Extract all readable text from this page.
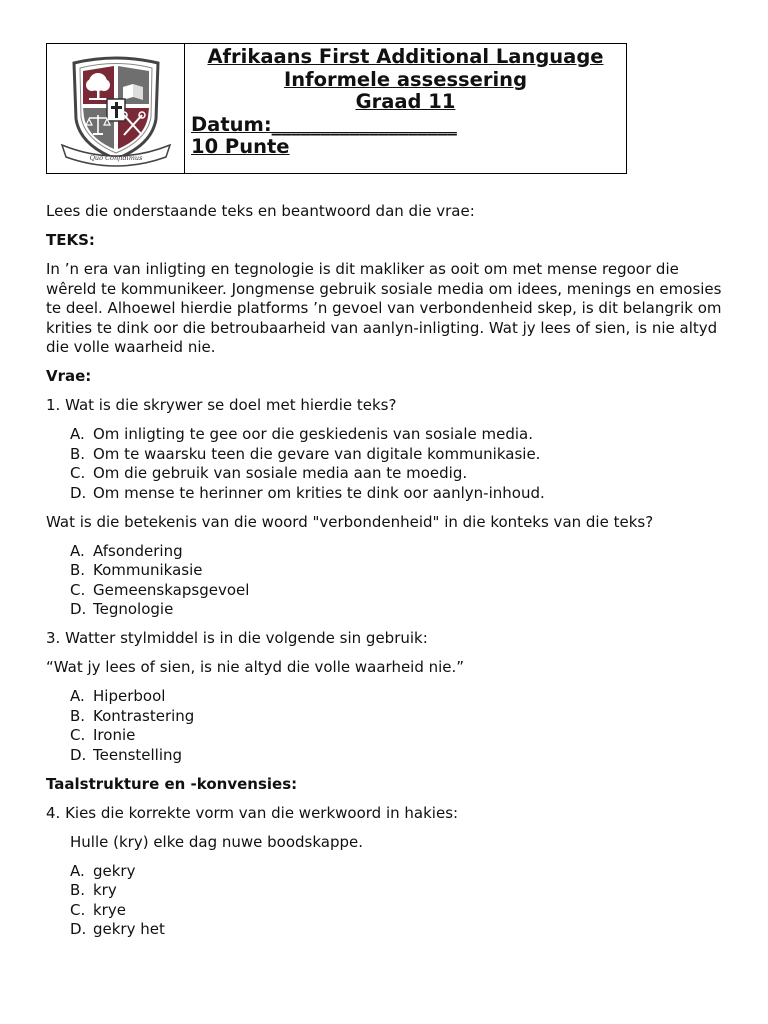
Quo Confidimus
Afrikaans First Additional Language
Informele assessering
Graad 11
Datum:___________________
10 Punte

Lees die onderstaande teks en beantwoord dan die vrae:

TEKS:

In ’n era van inligting en tegnologie is dit makliker as ooit om met mense regoor die wêreld te kommunikeer. Jongmense gebruik sosiale media om idees, menings en emosies te deel. Alhoewel hierdie platforms ’n gevoel van verbondenheid skep, is dit belangrik om krities te dink oor die betroubaarheid van aanlyn-inligting. Wat jy lees of sien, is nie altyd die volle waarheid nie.

Vrae:

1. Wat is die skrywer se doel met hierdie teks?

A. Om inligting te gee oor die geskiedenis van sosiale media.
B. Om te waarsku teen die gevare van digitale kommunikasie.
C. Om die gebruik van sosiale media aan te moedig.
D. Om mense te herinner om krities te dink oor aanlyn-inhoud.

Wat is die betekenis van die woord "verbondenheid" in die konteks van die teks?

A. Afsondering
B. Kommunikasie
C. Gemeenskapsgevoel
D. Tegnologie

3. Watter stylmiddel is in die volgende sin gebruik:

“Wat jy lees of sien, is nie altyd die volle waarheid nie.”

A. Hiperbool
B. Kontrastering
C. Ironie
D. Teenstelling

Taalstrukture en -konvensies:

4. Kies die korrekte vorm van die werkwoord in hakies:

Hulle (kry) elke dag nuwe boodskappe.

A. gekry
B. kry
C. krye
D. gekry het
